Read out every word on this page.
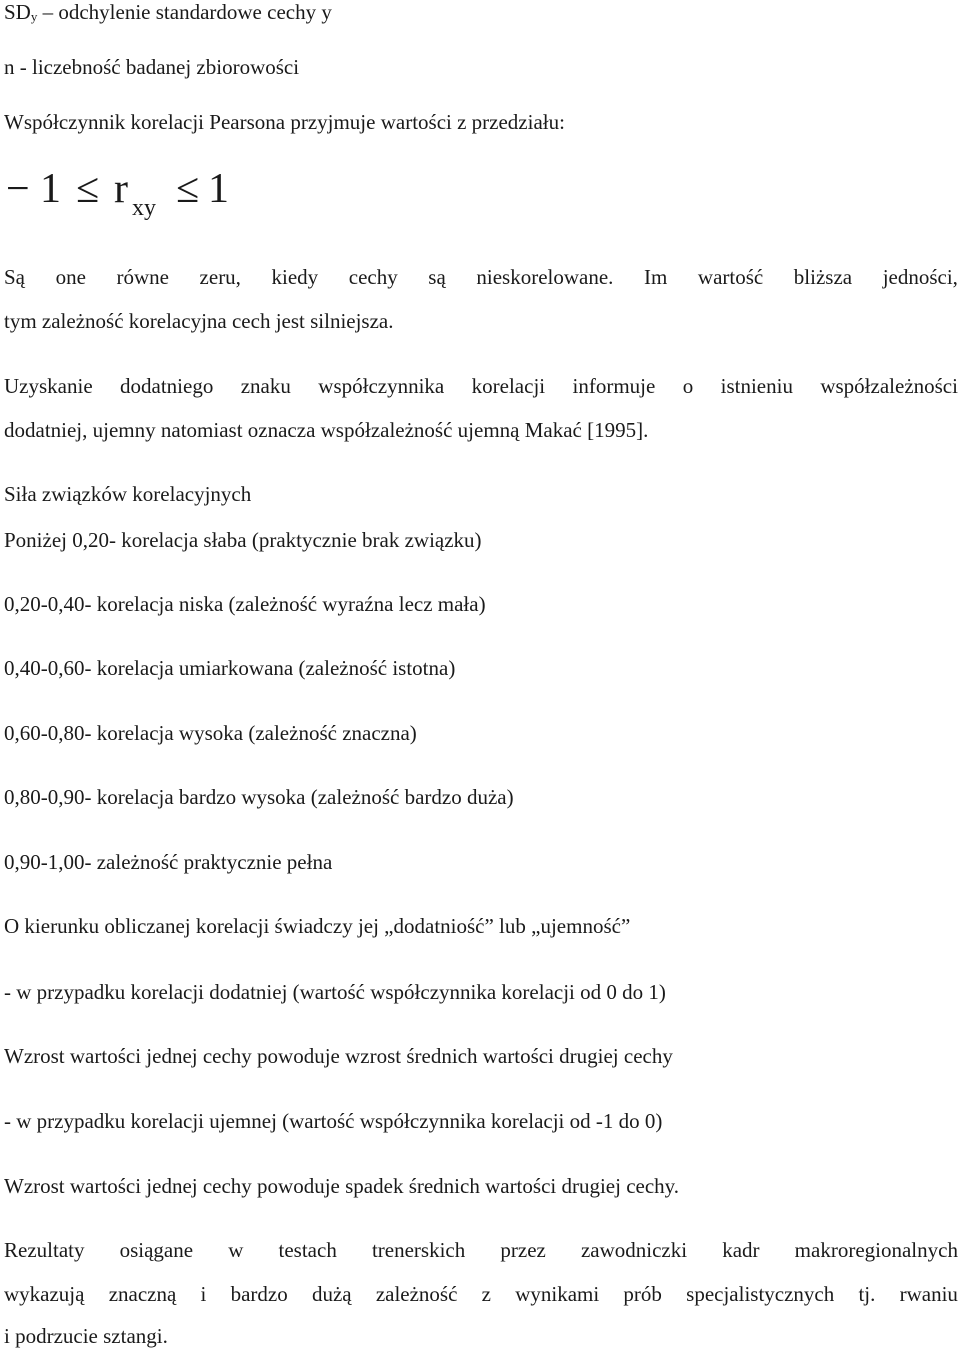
SDy – odchylenie standardowe cechy y
n - liczebność badanej zbiorowości
Współczynnik korelacji Pearsona przyjmuje wartości z przedziału:
− 1 ≤ r xy ≤ 1
Są one równe zeru, kiedy cechy są nieskorelowane. Im wartość bliższa jedności,
tym zależność korelacyjna cech jest silniejsza.
Uzyskanie dodatniego znaku współczynnika korelacji informuje o istnieniu współzależności
dodatniej, ujemny natomiast oznacza współzależność ujemną Makać [1995].
Siła związków korelacyjnych
Poniżej 0,20- korelacja słaba (praktycznie brak związku)
0,20-0,40- korelacja niska (zależność wyraźna lecz mała)
0,40-0,60- korelacja umiarkowana (zależność istotna)
0,60-0,80- korelacja wysoka (zależność znaczna)
0,80-0,90- korelacja bardzo wysoka (zależność bardzo duża)
0,90-1,00- zależność praktycznie pełna
O kierunku obliczanej korelacji świadczy jej „dodatniość” lub „ujemność”
- w przypadku korelacji dodatniej (wartość współczynnika korelacji od 0 do 1)
Wzrost wartości jednej cechy powoduje wzrost średnich wartości drugiej cechy
- w przypadku korelacji ujemnej (wartość współczynnika korelacji od -1 do 0)
Wzrost wartości jednej cechy powoduje spadek średnich wartości drugiej cechy.
Rezultaty osiągane w testach trenerskich przez zawodniczki kadr makroregionalnych
wykazują znaczną i bardzo dużą zależność z wynikami prób specjalistycznych tj. rwaniu
i podrzucie sztangi.
